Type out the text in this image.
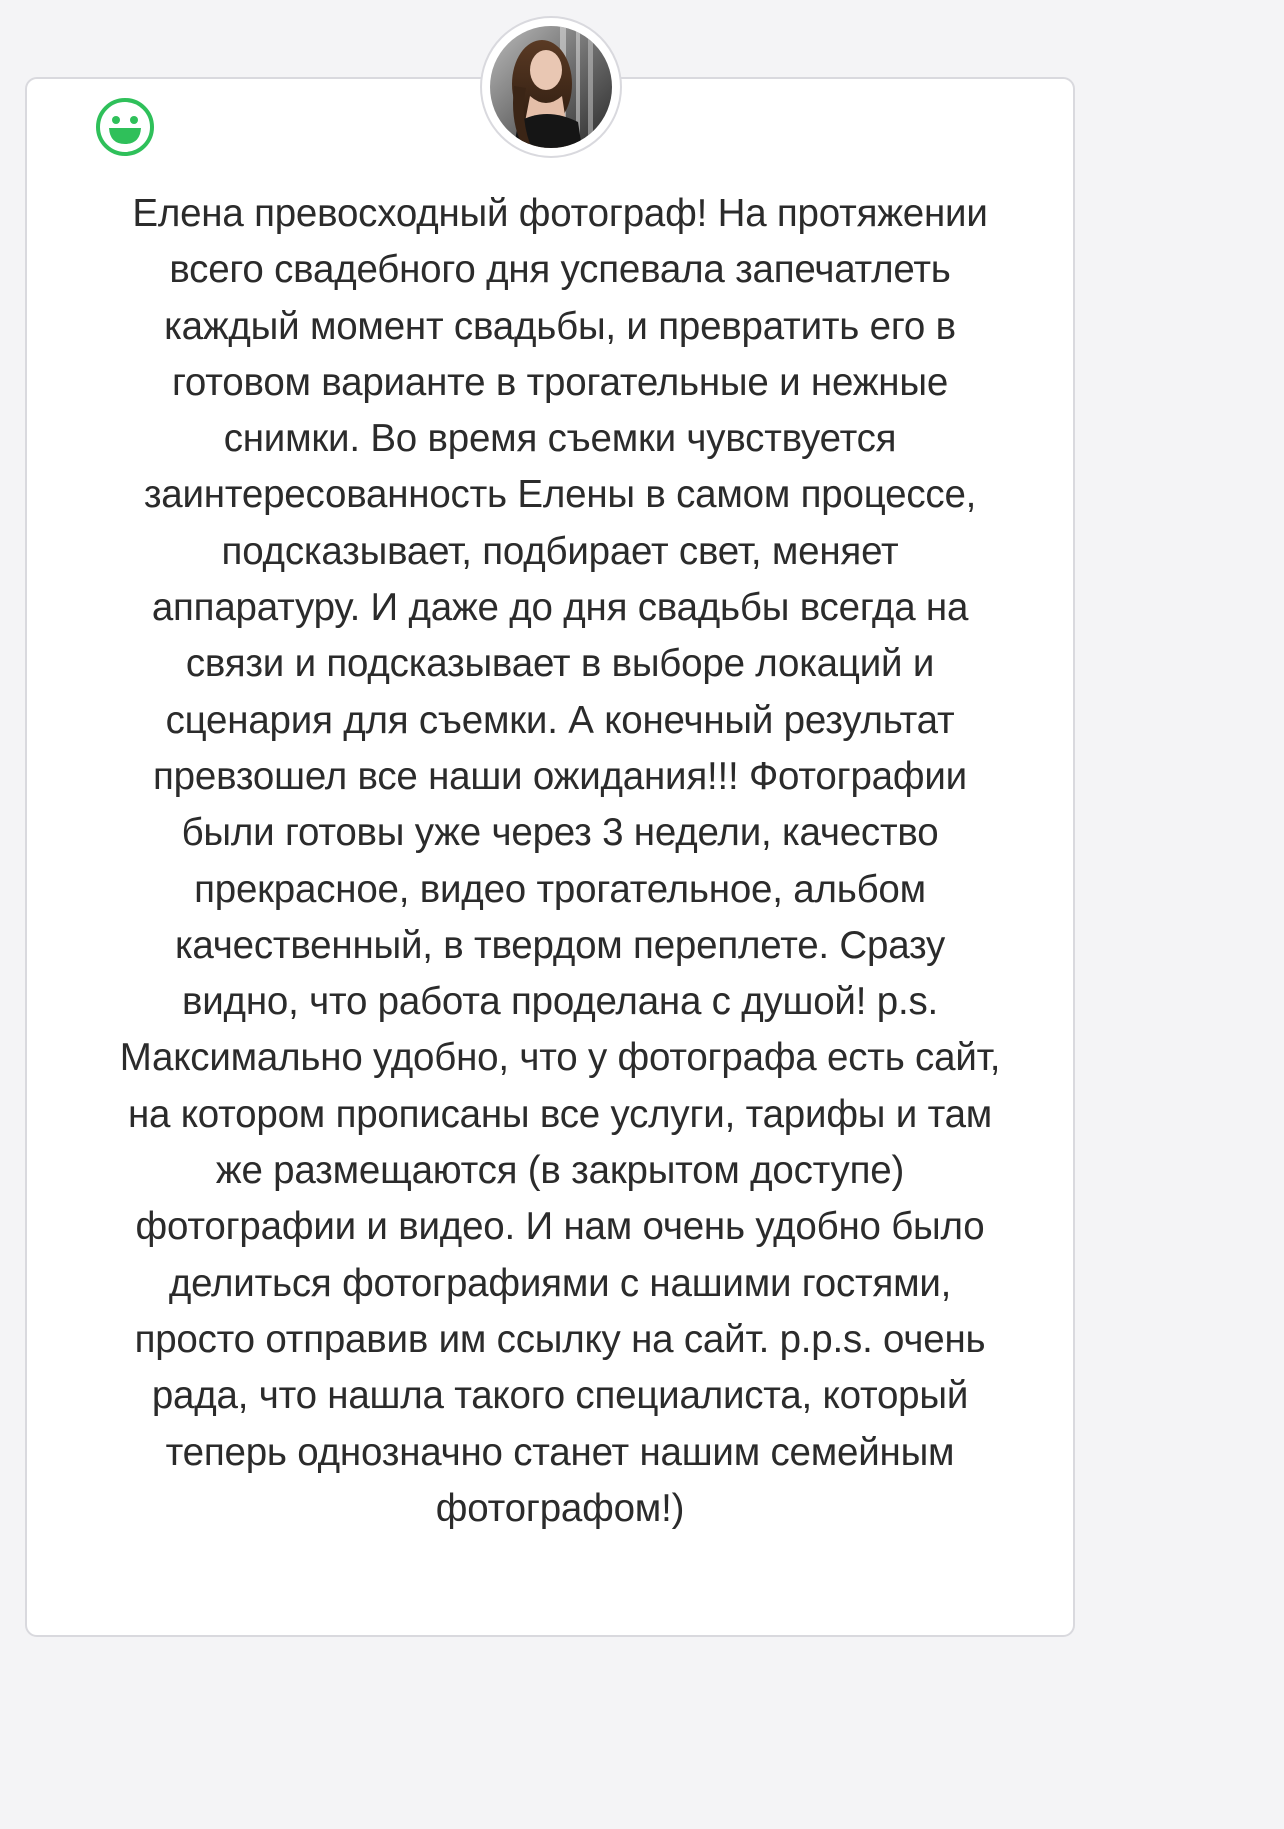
Елена превосходный фотограф! На протяжении
всего свадебного дня успевала запечатлеть
каждый момент свадьбы, и превратить его в
готовом варианте в трогательные и нежные
снимки. Во время съемки чувствуется
заинтересованность Елены в самом процессе,
подсказывает, подбирает свет, меняет
аппаратуру. И даже до дня свадьбы всегда на
связи и подсказывает в выборе локаций и
сценария для съемки. А конечный результат
превзошел все наши ожидания!!! Фотографии
были готовы уже через 3 недели, качество
прекрасное, видео трогательное, альбом
качественный, в твердом переплете. Сразу
видно, что работа проделана с душой! p.s.
Максимально удобно, что у фотографа есть сайт,
на котором прописаны все услуги, тарифы и там
же размещаются (в закрытом доступе)
фотографии и видео. И нам очень удобно было
делиться фотографиями с нашими гостями,
просто отправив им ссылку на сайт. p.p.s. очень
рада, что нашла такого специалиста, который
теперь однозначно станет нашим семейным
фотографом!)
